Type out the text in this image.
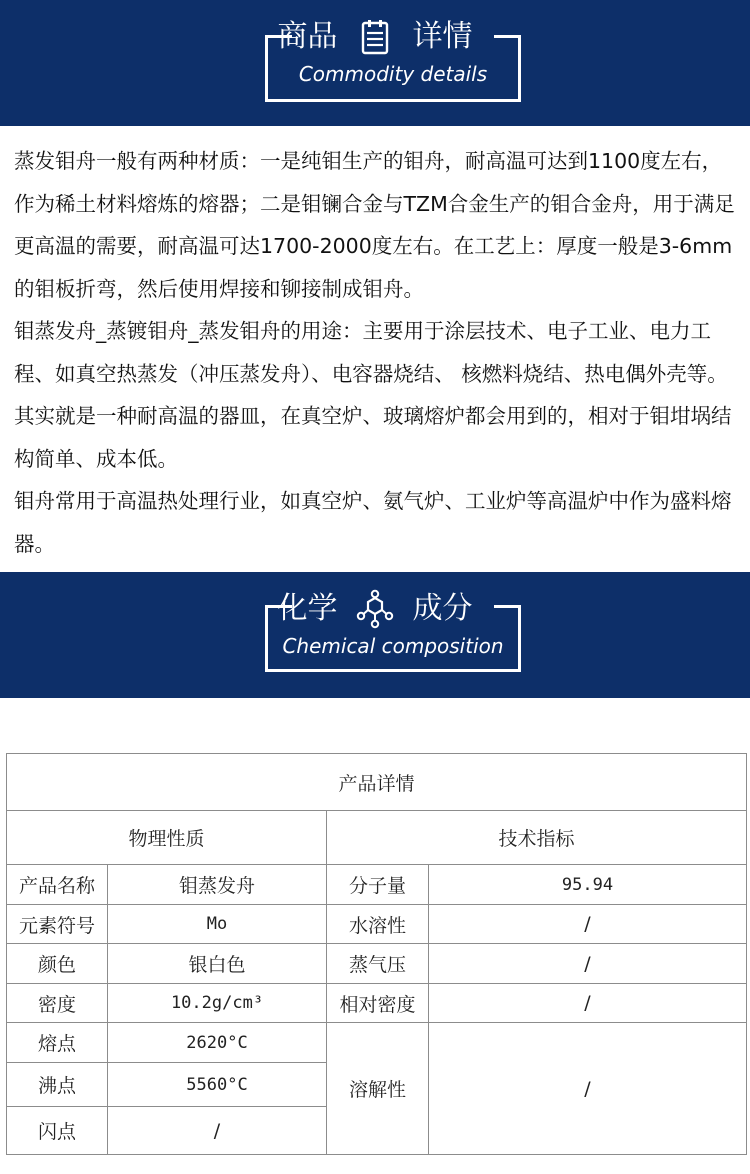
商品	详情
Commodity details

蒸发钼舟一般有两种材质：一是纯钼生产的钼舟，耐高温可达到1100度左右，作为稀土材料熔炼的熔器；二是钼镧合金与TZM合金生产的钼合金舟，用于满足更高温的需要，耐高温可达1700-2000度左右。在工艺上：厚度一般是3-6mm的钼板折弯，然后使用焊接和铆接制成钼舟。

钼蒸发舟_蒸镀钼舟_蒸发钼舟的用途：主要用于涂层技术、电子工业、电力工程、如真空热蒸发（冲压蒸发舟）、电容器烧结、 核燃料烧结、热电偶外壳等。其实就是一种耐高温的器皿，在真空炉、玻璃熔炉都会用到的，相对于钼坩埚结构简单、成本低。

钼舟常用于高温热处理行业，如真空炉、氨气炉、工业炉等高温炉中作为盛料熔器。

化学	成分
Chemical composition
产品详情			
物理性质		技术指标	
产品名称	钼蒸发舟	分子量	95.94
元素符号	Mo	水溶性	/
颜色	银白色	蒸气压	/
密度	10.2g/cm³	相对密度	/
熔点	2620°C	溶解性	/
沸点	5560°C		
闪点	/		
